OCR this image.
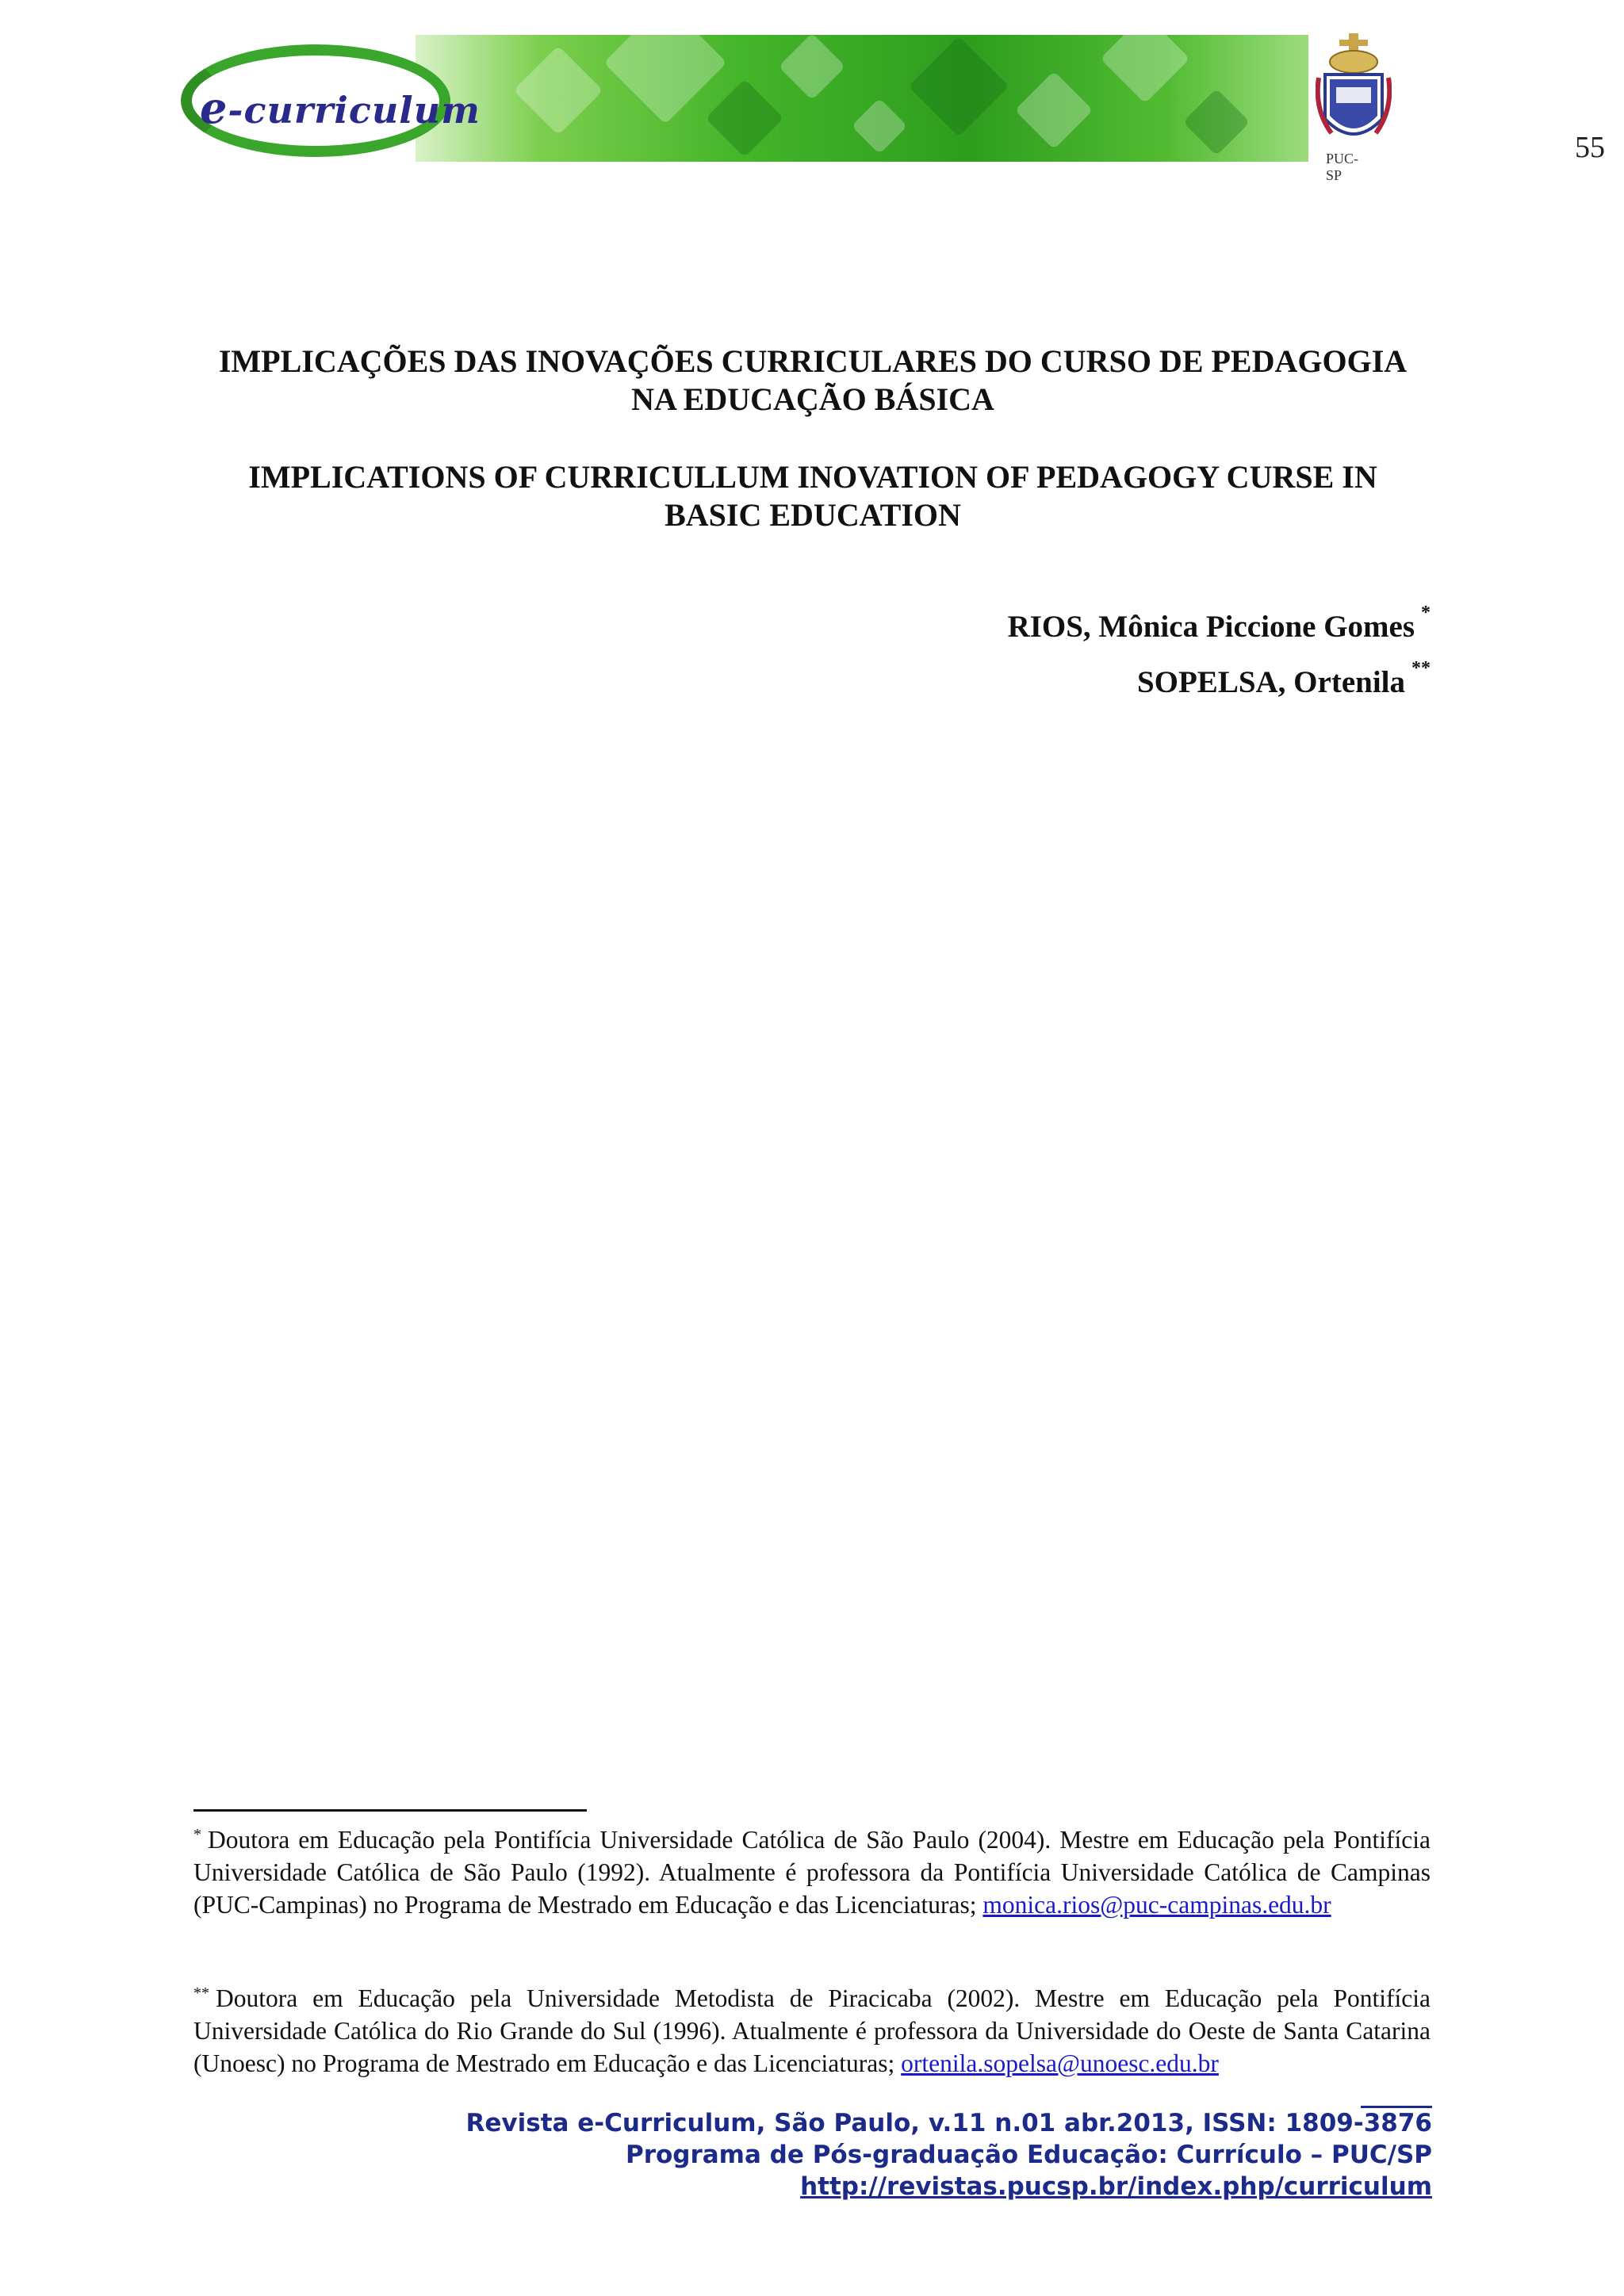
e-curriculum
PUC-SP
55
IMPLICAÇÕES DAS INOVAÇÕES CURRICULARES DO CURSO DE PEDAGOGIA
NA EDUCAÇÃO BÁSICA
IMPLICATIONS OF CURRICULLUM INOVATION OF PEDAGOGY CURSE IN
BASIC EDUCATION
RIOS, Mônica Piccione Gomes *
SOPELSA, Ortenila **
* Doutora em Educação pela Pontifícia Universidade Católica de São Paulo (2004). Mestre em Educação pela Pontifícia Universidade Católica de São Paulo (1992). Atualmente é professora da Pontifícia Universidade Católica de Campinas (PUC-Campinas) no Programa de Mestrado em Educação e das Licenciaturas; monica.rios@puc-campinas.edu.br
** Doutora em Educação pela Universidade Metodista de Piracicaba (2002). Mestre em Educação pela Pontifícia Universidade Católica do Rio Grande do Sul (1996). Atualmente é professora da Universidade do Oeste de Santa Catarina (Unoesc) no Programa de Mestrado em Educação e das Licenciaturas; ortenila.sopelsa@unoesc.edu.br
Revista e-Curriculum, São Paulo, v.11 n.01 abr.2013, ISSN: 1809-3876
Programa de Pós-graduação Educação: Currículo – PUC/SP
http://revistas.pucsp.br/index.php/curriculum
